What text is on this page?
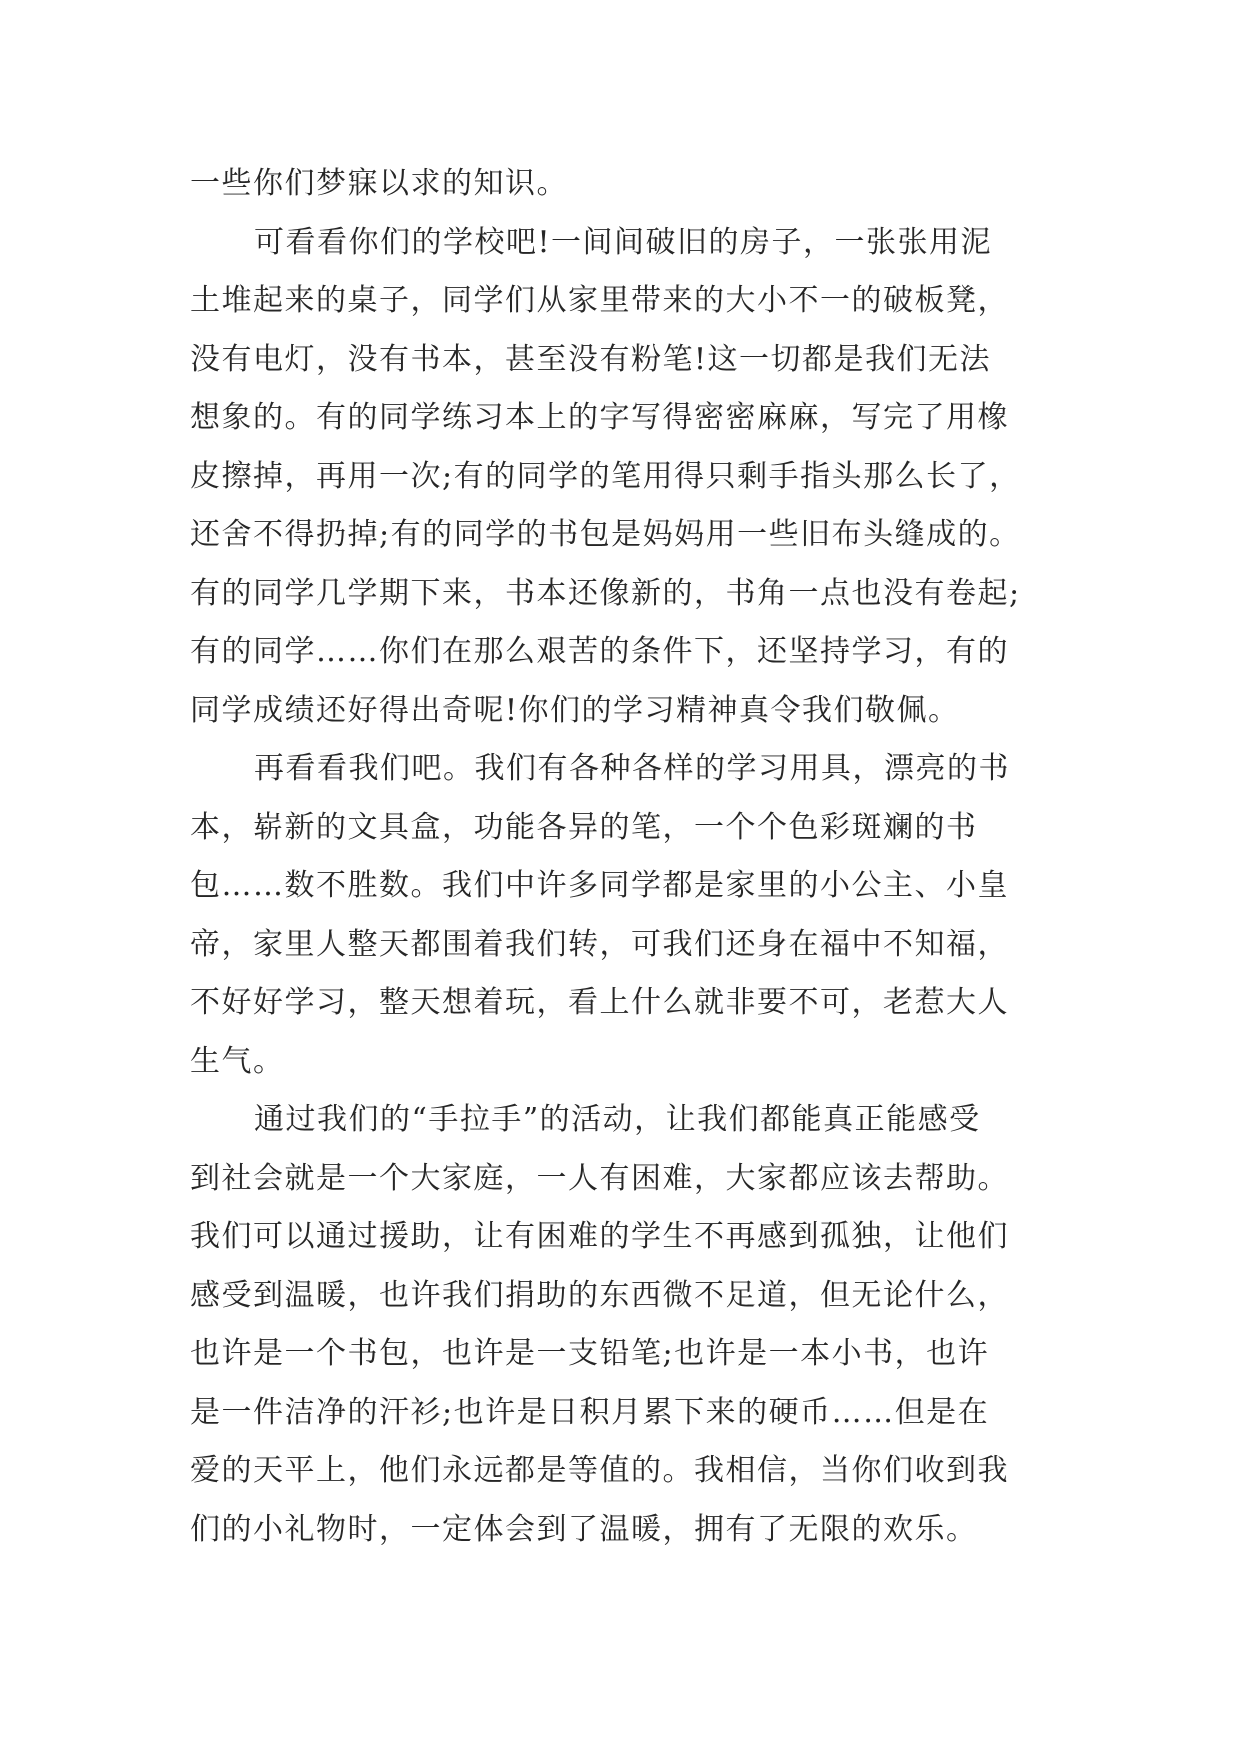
一些你们梦寐以求的知识。
可看看你们的学校吧!一间间破旧的房子，一张张用泥
土堆起来的桌子，同学们从家里带来的大小不一的破板凳，
没有电灯，没有书本，甚至没有粉笔!这一切都是我们无法
想象的。有的同学练习本上的字写得密密麻麻，写完了用橡
皮擦掉，再用一次;有的同学的笔用得只剩手指头那么长了，
还舍不得扔掉;有的同学的书包是妈妈用一些旧布头缝成的。
有的同学几学期下来，书本还像新的，书角一点也没有卷起;
有的同学……你们在那么艰苦的条件下，还坚持学习，有的
同学成绩还好得出奇呢!你们的学习精神真令我们敬佩。
再看看我们吧。我们有各种各样的学习用具，漂亮的书
本，崭新的文具盒，功能各异的笔，一个个色彩斑斓的书
包……数不胜数。我们中许多同学都是家里的小公主、小皇
帝，家里人整天都围着我们转，可我们还身在福中不知福，
不好好学习，整天想着玩，看上什么就非要不可，老惹大人
生气。
通过我们的“手拉手”的活动，让我们都能真正能感受
到社会就是一个大家庭，一人有困难，大家都应该去帮助。
我们可以通过援助，让有困难的学生不再感到孤独，让他们
感受到温暖，也许我们捐助的东西微不足道，但无论什么，
也许是一个书包，也许是一支铅笔;也许是一本小书，也许
是一件洁净的汗衫;也许是日积月累下来的硬币……但是在
爱的天平上，他们永远都是等值的。我相信，当你们收到我
们的小礼物时，一定体会到了温暖，拥有了无限的欢乐。
